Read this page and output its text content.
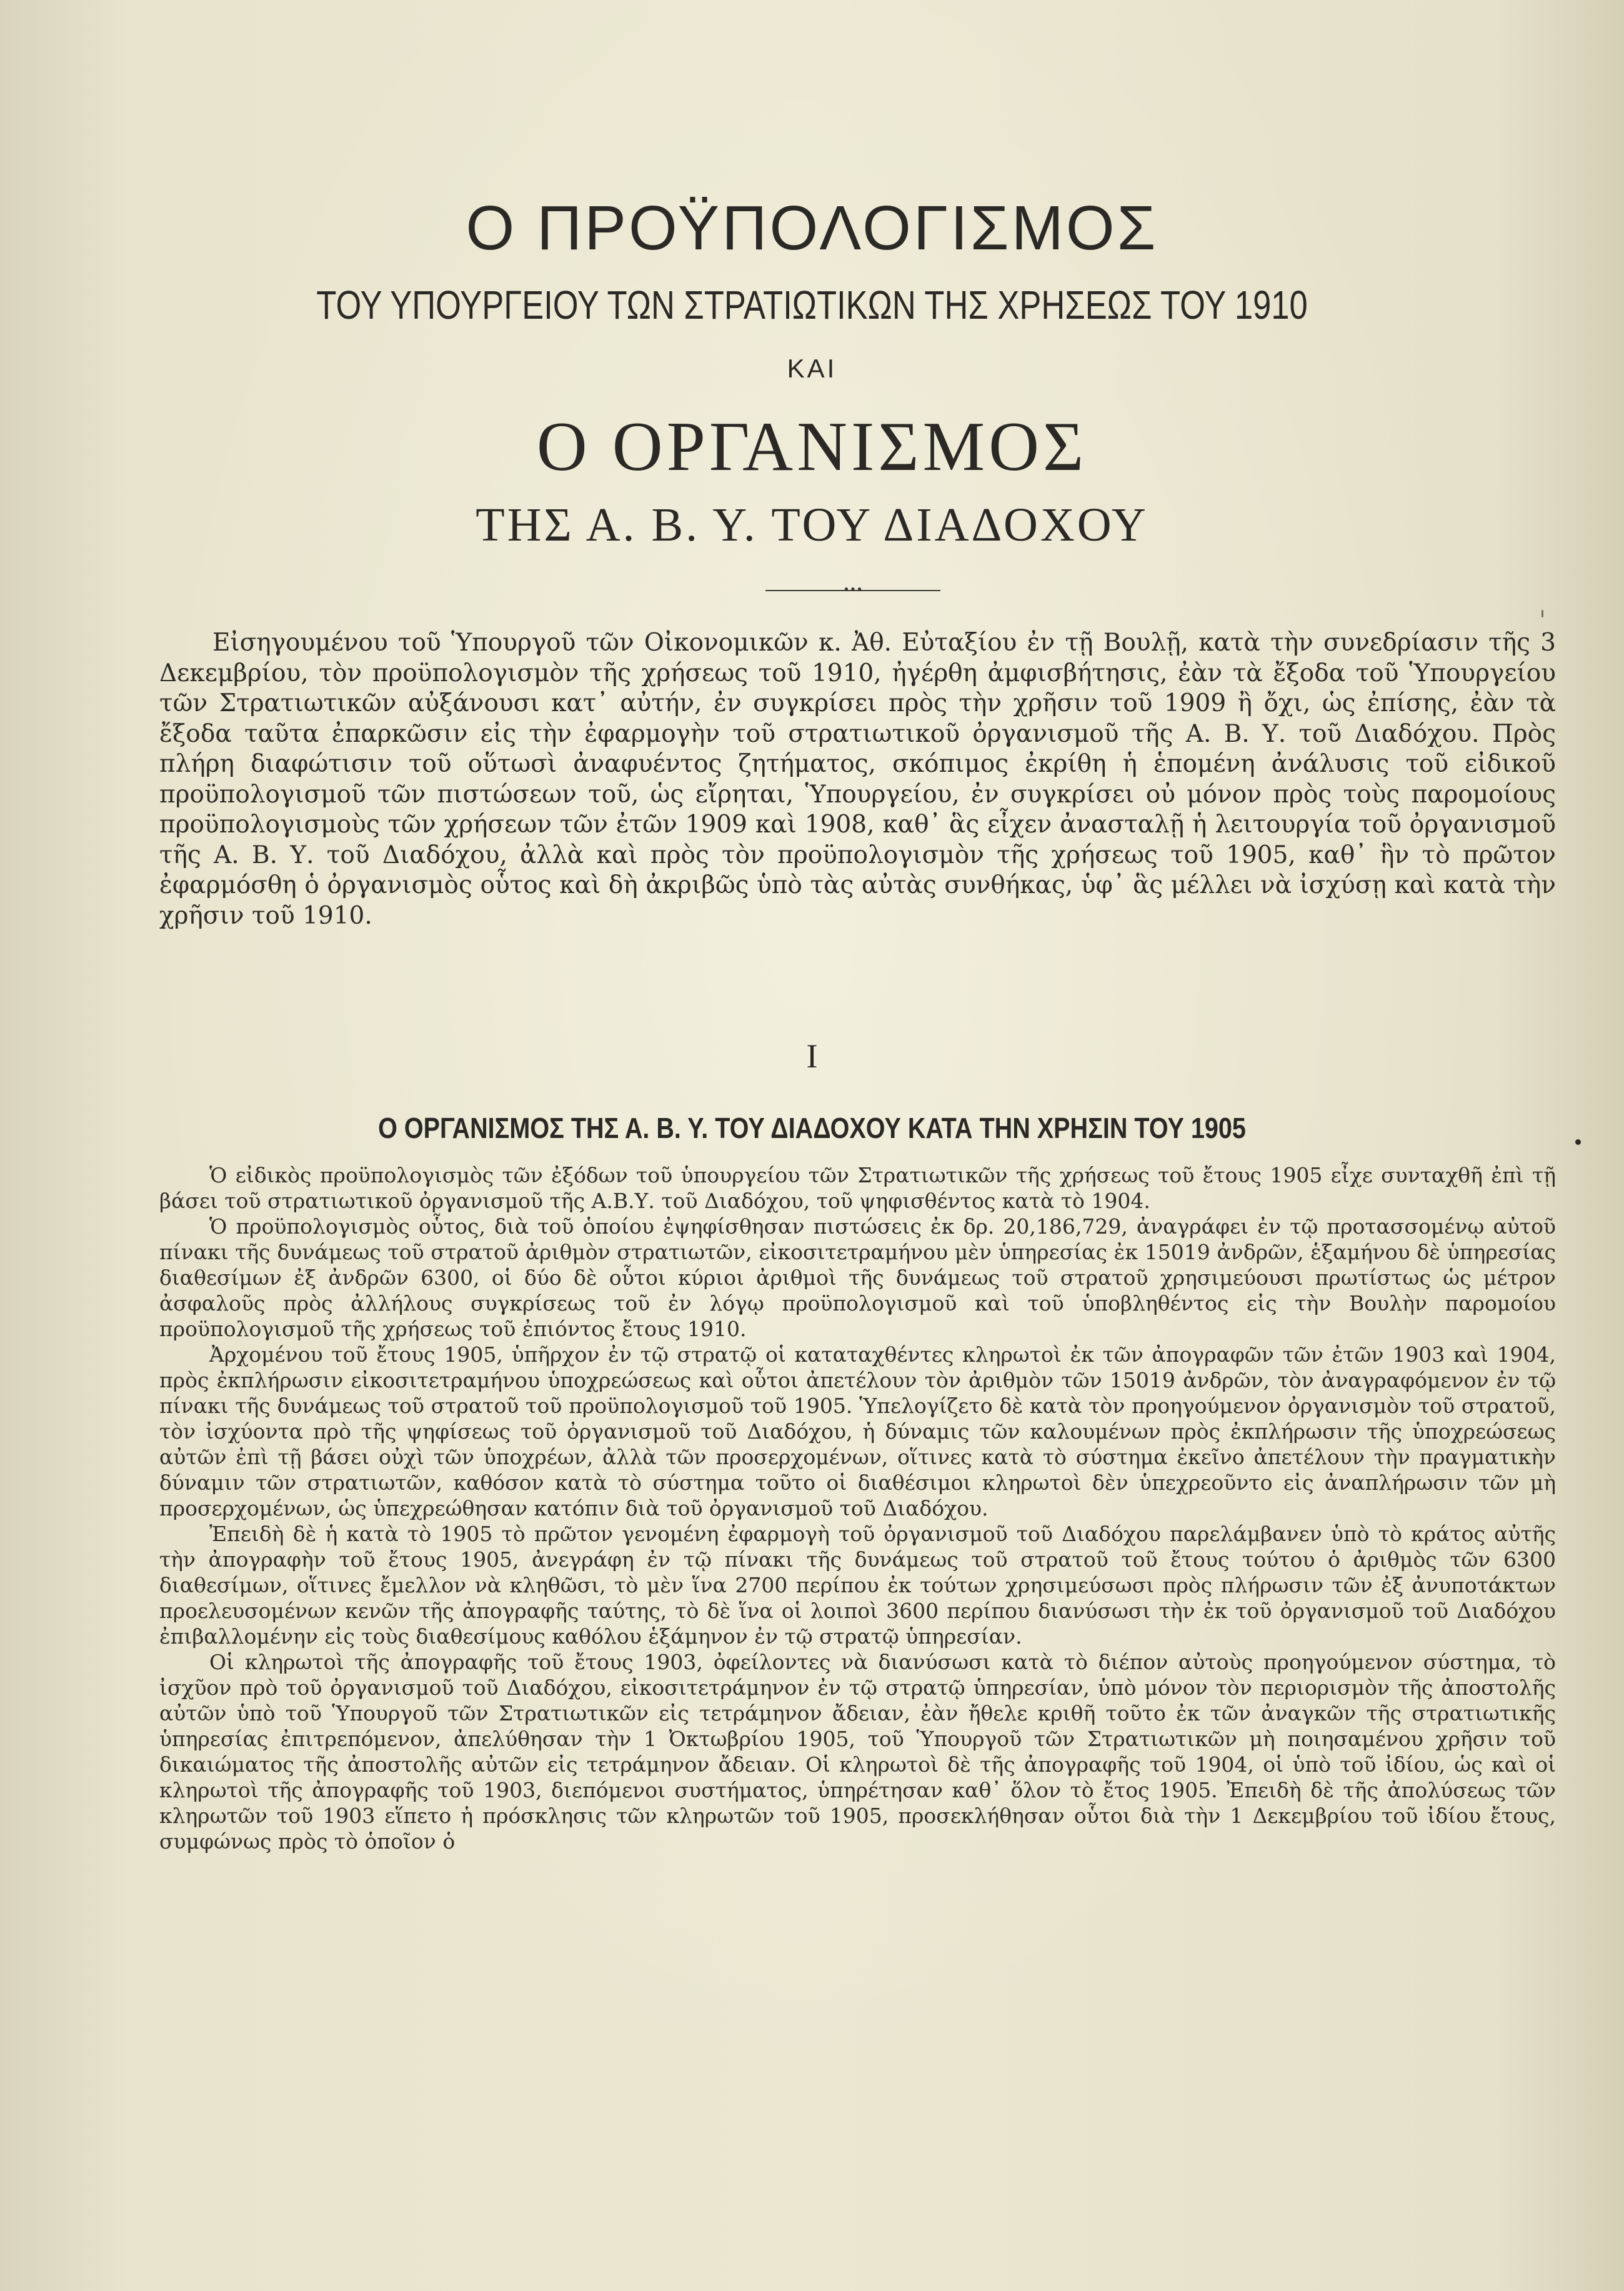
Ο ΠΡΟΫΠΟΛΟΓΙΣΜΟΣ
ΤΟΥ ΥΠΟΥΡΓΕΙΟΥ ΤΩΝ ΣΤΡΑΤΙΩΤΙΚΩΝ ΤΗΣ ΧΡΗΣΕΩΣ ΤΟΥ 1910
ΚΑΙ
Ο ΟΡΓΑΝΙΣΜΟΣ
ΤΗΣ Α. Β. Υ. ΤΟΥ ΔΙΑΔΟΧΟΥ
•••
Εἰσηγουμένου τοῦ Ὑπουργοῦ τῶν Οἰκονομικῶν κ. Ἀθ. Εὐταξίου ἐν τῇ Βουλῇ, κατὰ τὴν συνεδρίασιν τῆς 3 Δεκεμβρίου, τὸν προϋπολογισμὸν τῆς χρήσεως τοῦ 1910, ἠγέρθη ἀμφισβήτησις, ἐὰν τὰ ἔξοδα τοῦ Ὑπουργείου τῶν Στρατιωτικῶν αὐξάνουσι κατ᾽ αὐτήν, ἐν συγκρίσει πρὸς τὴν χρῆσιν τοῦ 1909 ἢ ὄχι, ὡς ἐπίσης, ἐὰν τὰ ἔξοδα ταῦτα ἐπαρκῶσιν εἰς τὴν ἐφαρμογὴν τοῦ στρατιωτικοῦ ὀργανισμοῦ τῆς Α. Β. Υ. τοῦ Διαδόχου. Πρὸς πλήρη διαφώτισιν τοῦ οὕτωσὶ ἀναφυέντος ζητήματος, σκόπιμος ἐκρίθη ἡ ἑπομένη ἀνάλυσις τοῦ εἰδικοῦ προϋπολογισμοῦ τῶν πιστώσεων τοῦ, ὡς εἴρηται, Ὑπουργείου, ἐν συγκρίσει οὐ μόνον πρὸς τοὺς παρομοίους προϋπολογισμοὺς τῶν χρήσεων τῶν ἐτῶν 1909 καὶ 1908, καθ᾽ ἃς εἶχεν ἀνασταλῇ ἡ λειτουργία τοῦ ὀργανισμοῦ τῆς Α. Β. Υ. τοῦ Διαδόχου, ἀλλὰ καὶ πρὸς τὸν προϋπολογισμὸν τῆς χρήσεως τοῦ 1905, καθ᾽ ἣν τὸ πρῶτον ἐφαρμόσθη ὁ ὀργανισμὸς οὗτος καὶ δὴ ἀκριβῶς ὑπὸ τὰς αὐτὰς συνθήκας, ὑφ᾽ ἃς μέλλει νὰ ἰσχύσῃ καὶ κατὰ τὴν χρῆσιν τοῦ 1910.
I
Ο ΟΡΓΑΝΙΣΜΟΣ ΤΗΣ Α. Β. Υ. ΤΟΥ ΔΙΑΔΟΧΟΥ ΚΑΤΑ ΤΗΝ ΧΡΗΣΙΝ ΤΟΥ 1905

Ὁ εἰδικὸς προϋπολογισμὸς τῶν ἐξόδων τοῦ ὑπουργείου τῶν Στρατιωτικῶν τῆς χρήσεως τοῦ ἔτους 1905 εἶχε συνταχθῆ ἐπὶ τῇ βάσει τοῦ στρατιωτικοῦ ὀργανισμοῦ τῆς Α.Β.Υ. τοῦ Διαδόχου, τοῦ ψηφισθέντος κατὰ τὸ 1904.

Ὁ προϋπολογισμὸς οὗτος, διὰ τοῦ ὁποίου ἐψηφίσθησαν πιστώσεις ἐκ δρ. 20,186,729, ἀναγράφει ἐν τῷ προτασσομένῳ αὐτοῦ πίνακι τῆς δυνάμεως τοῦ στρατοῦ ἀριθμὸν στρατιωτῶν, εἰκοσιτετραμήνου μὲν ὑπηρεσίας ἐκ 15019 ἀνδρῶν, ἑξαμήνου δὲ ὑπηρεσίας διαθεσίμων ἐξ ἀνδρῶν 6300, οἱ δύο δὲ οὗτοι κύριοι ἀριθμοὶ τῆς δυνάμεως τοῦ στρατοῦ χρησιμεύουσι πρωτίστως ὡς μέτρον ἀσφαλοῦς πρὸς ἀλλήλους συγκρίσεως τοῦ ἐν λόγῳ προϋπολογισμοῦ καὶ τοῦ ὑποβληθέντος εἰς τὴν Βουλὴν παρομοίου προϋπολογισμοῦ τῆς χρήσεως τοῦ ἐπιόντος ἔτους 1910.

Ἀρχομένου τοῦ ἔτους 1905, ὑπῆρχον ἐν τῷ στρατῷ οἱ καταταχθέντες κληρωτοὶ ἐκ τῶν ἀπογραφῶν τῶν ἐτῶν 1903 καὶ 1904, πρὸς ἐκπλήρωσιν εἰκοσιτετραμήνου ὑποχρεώσεως καὶ οὗτοι ἀπετέλουν τὸν ἀριθμὸν τῶν 15019 ἀνδρῶν, τὸν ἀναγραφόμενον ἐν τῷ πίνακι τῆς δυνάμεως τοῦ στρατοῦ τοῦ προϋπολογισμοῦ τοῦ 1905. Ὑπελογίζετο δὲ κατὰ τὸν προηγούμενον ὀργανισμὸν τοῦ στρατοῦ, τὸν ἰσχύοντα πρὸ τῆς ψηφίσεως τοῦ ὀργανισμοῦ τοῦ Διαδόχου, ἡ δύναμις τῶν καλουμένων πρὸς ἐκπλήρωσιν τῆς ὑποχρεώσεως αὐτῶν ἐπὶ τῇ βάσει οὐχὶ τῶν ὑποχρέων, ἀλλὰ τῶν προσερχομένων, οἵτινες κατὰ τὸ σύστημα ἐκεῖνο ἀπετέλουν τὴν πραγματικὴν δύναμιν τῶν στρατιωτῶν, καθόσον κατὰ τὸ σύστημα τοῦτο οἱ διαθέσιμοι κληρωτοὶ δὲν ὑπεχρεοῦντο εἰς ἀναπλήρωσιν τῶν μὴ προσερχομένων, ὡς ὑπεχρεώθησαν κατόπιν διὰ τοῦ ὀργανισμοῦ τοῦ Διαδόχου.

Ἐπειδὴ δὲ ἡ κατὰ τὸ 1905 τὸ πρῶτον γενομένη ἐφαρμογὴ τοῦ ὀργανισμοῦ τοῦ Διαδόχου παρελάμβανεν ὑπὸ τὸ κράτος αὐτῆς τὴν ἀπογραφὴν τοῦ ἔτους 1905, ἀνεγράφη ἐν τῷ πίνακι τῆς δυνάμεως τοῦ στρατοῦ τοῦ ἔτους τούτου ὁ ἀριθμὸς τῶν 6300 διαθεσίμων, οἵτινες ἔμελλον νὰ κληθῶσι, τὸ μὲν ἵνα 2700 περίπου ἐκ τούτων χρησιμεύσωσι πρὸς πλήρωσιν τῶν ἐξ ἀνυποτάκτων προελευσομένων κενῶν τῆς ἀπογραφῆς ταύτης, τὸ δὲ ἵνα οἱ λοιποὶ 3600 περίπου διανύσωσι τὴν ἐκ τοῦ ὀργανισμοῦ τοῦ Διαδόχου ἐπιβαλλομένην εἰς τοὺς διαθεσίμους καθόλου ἑξάμηνον ἐν τῷ στρατῷ ὑπηρεσίαν.

Οἱ κληρωτοὶ τῆς ἀπογραφῆς τοῦ ἔτους 1903, ὀφείλοντες νὰ διανύσωσι κατὰ τὸ διέπον αὐτοὺς προηγούμενον σύστημα, τὸ ἰσχῦον πρὸ τοῦ ὀργανισμοῦ τοῦ Διαδόχου, εἰκοσιτετράμηνον ἐν τῷ στρατῷ ὑπηρεσίαν, ὑπὸ μόνον τὸν περιορισμὸν τῆς ἀποστολῆς αὐτῶν ὑπὸ τοῦ Ὑπουργοῦ τῶν Στρατιωτικῶν εἰς τετράμηνον ἄδειαν, ἐὰν ἤθελε κριθῆ τοῦτο ἐκ τῶν ἀναγκῶν τῆς στρατιωτικῆς ὑπηρεσίας ἐπιτρεπόμενον, ἀπελύθησαν τὴν 1 Ὀκτωβρίου 1905, τοῦ Ὑπουργοῦ τῶν Στρατιωτικῶν μὴ ποιησαμένου χρῆσιν τοῦ δικαιώματος τῆς ἀποστολῆς αὐτῶν εἰς τετράμηνον ἄδειαν. Οἱ κληρωτοὶ δὲ τῆς ἀπογραφῆς τοῦ 1904, οἱ ὑπὸ τοῦ ἰδίου, ὡς καὶ οἱ κληρωτοὶ τῆς ἀπογραφῆς τοῦ 1903, διεπόμενοι συστήματος, ὑπηρέτησαν καθ᾽ ὅλον τὸ ἔτος 1905. Ἐπειδὴ δὲ τῆς ἀπολύσεως τῶν κληρωτῶν τοῦ 1903 εἵπετο ἡ πρόσκλησις τῶν κληρωτῶν τοῦ 1905, προσεκλήθησαν οὗτοι διὰ τὴν 1 Δεκεμβρίου τοῦ ἰδίου ἔτους, συμφώνως πρὸς τὸ ὁποῖον ὁ
